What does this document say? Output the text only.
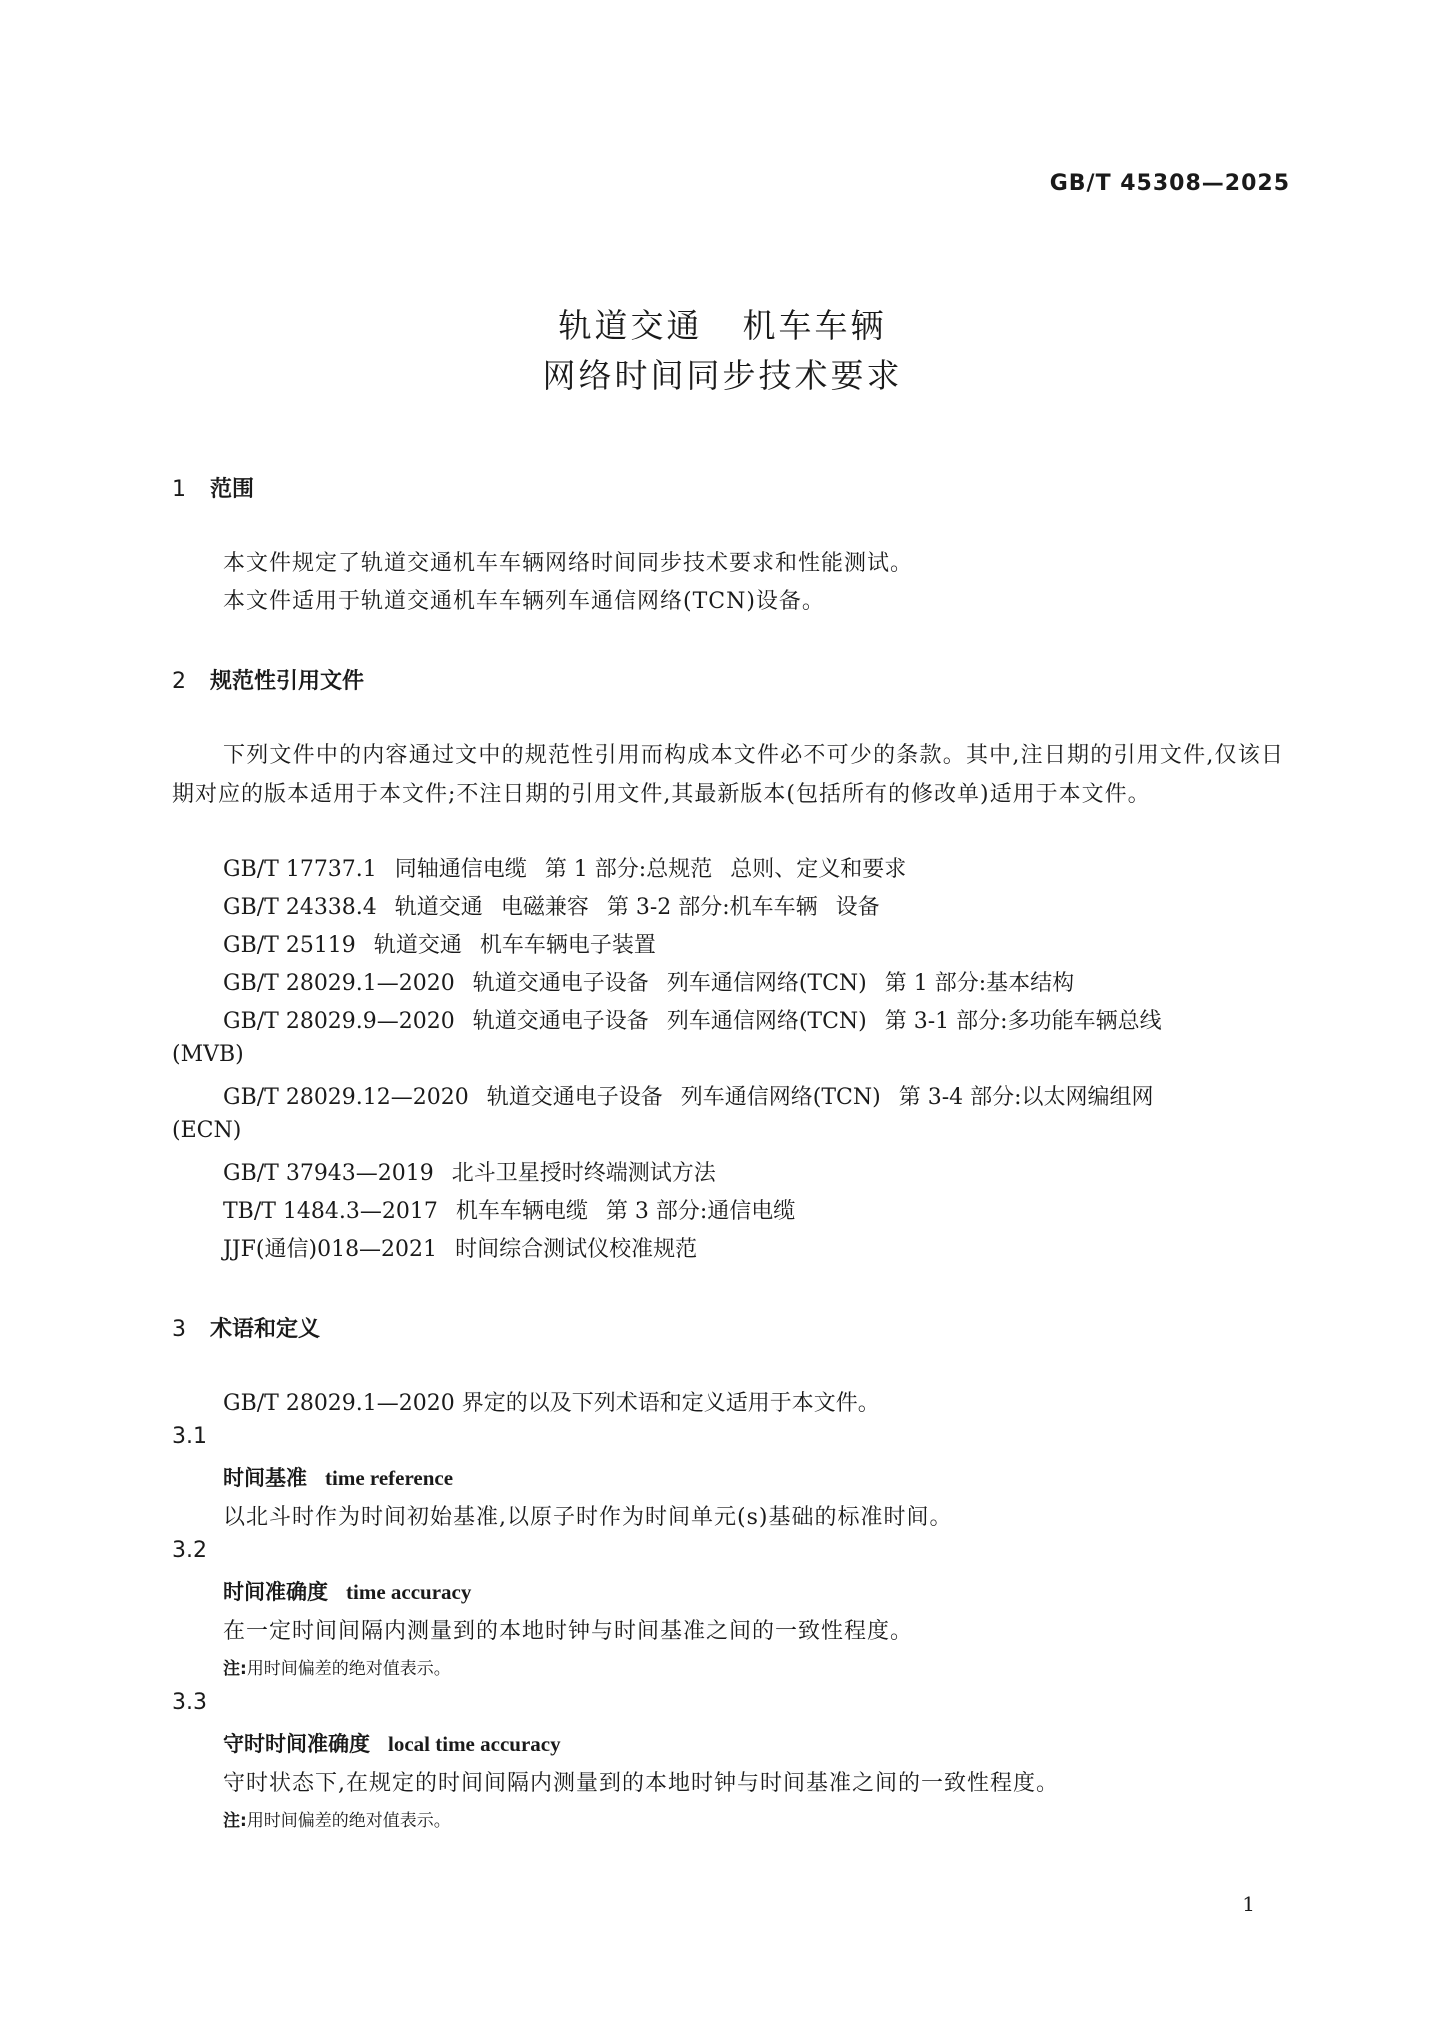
GB/T 45308—2025
轨道交通 机车车辆
网络时间同步技术要求
1 范围
本文件规定了轨道交通机车车辆网络时间同步技术要求和性能测试。
本文件适用于轨道交通机车车辆列车通信网络(TCN)设备。
2 规范性引用文件
下列文件中的内容通过文中的规范性引用而构成本文件必不可少的条款。其中,注日期的引用文件,仅该日期对应的版本适用于本文件;不注日期的引用文件,其最新版本(包括所有的修改单)适用于本文件。
GB/T 17737.1 同轴通信电缆 第 1 部分:总规范 总则、定义和要求
GB/T 24338.4 轨道交通 电磁兼容 第 3-2 部分:机车车辆 设备
GB/T 25119 轨道交通 机车车辆电子装置
GB/T 28029.1—2020 轨道交通电子设备 列车通信网络(TCN) 第 1 部分:基本结构
GB/T 28029.9—2020 轨道交通电子设备 列车通信网络(TCN) 第 3-1 部分:多功能车辆总线
(MVB)
GB/T 28029.12—2020 轨道交通电子设备 列车通信网络(TCN) 第 3-4 部分:以太网编组网
(ECN)
GB/T 37943—2019 北斗卫星授时终端测试方法
TB/T 1484.3—2017 机车车辆电缆 第 3 部分:通信电缆
JJF(通信)018—2021 时间综合测试仪校准规范
3 术语和定义
GB/T 28029.1—2020 界定的以及下列术语和定义适用于本文件。
3.1
时间基准 time reference
以北斗时作为时间初始基准,以原子时作为时间单元(s)基础的标准时间。
3.2
时间准确度 time accuracy
在一定时间间隔内测量到的本地时钟与时间基准之间的一致性程度。
注:用时间偏差的绝对值表示。
3.3
守时时间准确度 local time accuracy
守时状态下,在规定的时间间隔内测量到的本地时钟与时间基准之间的一致性程度。
注:用时间偏差的绝对值表示。
1
